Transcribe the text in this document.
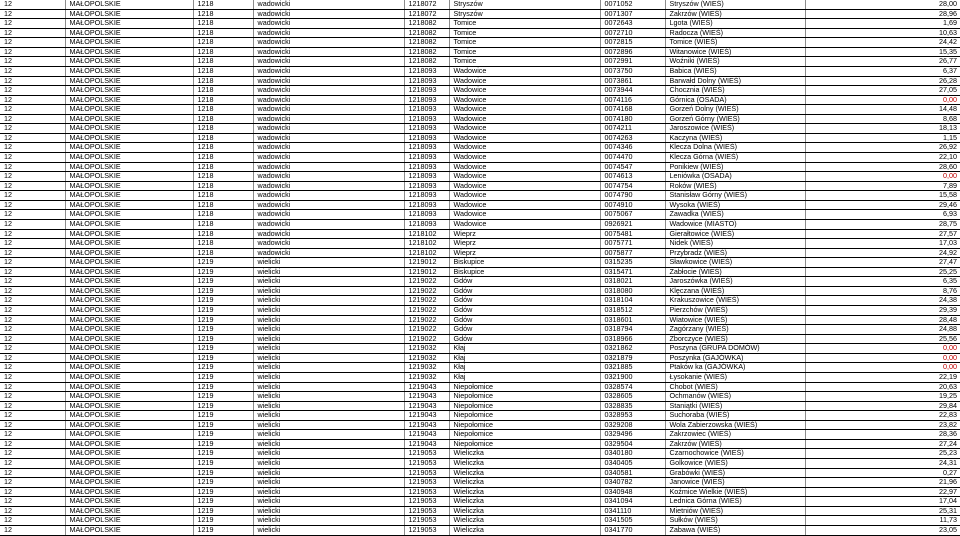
12	MAŁOPOLSKIE	1218	wadowicki	1218072	Stryszów	0071052	Stryszów (WIEŚ)	28,00
12	MAŁOPOLSKIE	1218	wadowicki	1218072	Stryszów	0071307	Zakrzów (WIEŚ)	28,96
12	MAŁOPOLSKIE	1218	wadowicki	1218082	Tomice	0072643	Lgota (WIEŚ)	1,69
12	MAŁOPOLSKIE	1218	wadowicki	1218082	Tomice	0072710	Radocza (WIEŚ)	10,63
12	MAŁOPOLSKIE	1218	wadowicki	1218082	Tomice	0072815	Tomice (WIEŚ)	24,42
12	MAŁOPOLSKIE	1218	wadowicki	1218082	Tomice	0072896	Witanowice (WIEŚ)	15,35
12	MAŁOPOLSKIE	1218	wadowicki	1218082	Tomice	0072991	Woźniki (WIEŚ)	26,77
12	MAŁOPOLSKIE	1218	wadowicki	1218093	Wadowice	0073750	Babica (WIEŚ)	6,37
12	MAŁOPOLSKIE	1218	wadowicki	1218093	Wadowice	0073861	Barwałd Dolny (WIEŚ)	26,28
12	MAŁOPOLSKIE	1218	wadowicki	1218093	Wadowice	0073944	Chocznia (WIEŚ)	27,05
12	MAŁOPOLSKIE	1218	wadowicki	1218093	Wadowice	0074116	Górnica (OSADA)	0,00
12	MAŁOPOLSKIE	1218	wadowicki	1218093	Wadowice	0074168	Gorzeń Dolny (WIEŚ)	14,48
12	MAŁOPOLSKIE	1218	wadowicki	1218093	Wadowice	0074180	Gorzeń Górny (WIEŚ)	8,68
12	MAŁOPOLSKIE	1218	wadowicki	1218093	Wadowice	0074211	Jaroszowice (WIEŚ)	18,13
12	MAŁOPOLSKIE	1218	wadowicki	1218093	Wadowice	0074263	Kaczyna (WIEŚ)	1,15
12	MAŁOPOLSKIE	1218	wadowicki	1218093	Wadowice	0074346	Klecza Dolna (WIEŚ)	26,92
12	MAŁOPOLSKIE	1218	wadowicki	1218093	Wadowice	0074470	Klecza Górna (WIEŚ)	22,10
12	MAŁOPOLSKIE	1218	wadowicki	1218093	Wadowice	0074547	Ponikiew (WIEŚ)	28,60
12	MAŁOPOLSKIE	1218	wadowicki	1218093	Wadowice	0074613	Leniówka (OSADA)	0,00
12	MAŁOPOLSKIE	1218	wadowicki	1218093	Wadowice	0074754	Roków (WIEŚ)	7,89
12	MAŁOPOLSKIE	1218	wadowicki	1218093	Wadowice	0074790	Stanisław Górny (WIEŚ)	15,58
12	MAŁOPOLSKIE	1218	wadowicki	1218093	Wadowice	0074910	Wysoka (WIEŚ)	29,46
12	MAŁOPOLSKIE	1218	wadowicki	1218093	Wadowice	0075067	Zawadka (WIEŚ)	6,93
12	MAŁOPOLSKIE	1218	wadowicki	1218093	Wadowice	0926921	Wadowice (MIASTO)	28,75
12	MAŁOPOLSKIE	1218	wadowicki	1218102	Wieprz	0075481	Gierałtowice (WIEŚ)	27,57
12	MAŁOPOLSKIE	1218	wadowicki	1218102	Wieprz	0075771	Nidek (WIEŚ)	17,03
12	MAŁOPOLSKIE	1218	wadowicki	1218102	Wieprz	0075877	Przybradz (WIEŚ)	24,92
12	MAŁOPOLSKIE	1219	wielicki	1219012	Biskupice	0315235	Sławkowice (WIEŚ)	27,47
12	MAŁOPOLSKIE	1219	wielicki	1219012	Biskupice	0315471	Zabłocie (WIEŚ)	25,25
12	MAŁOPOLSKIE	1219	wielicki	1219022	Gdów	0318021	Jaroszówka (WIEŚ)	6,35
12	MAŁOPOLSKIE	1219	wielicki	1219022	Gdów	0318080	Klęczana (WIEŚ)	8,76
12	MAŁOPOLSKIE	1219	wielicki	1219022	Gdów	0318104	Krakuszowice (WIEŚ)	24,38
12	MAŁOPOLSKIE	1219	wielicki	1219022	Gdów	0318512	Pierzchów (WIEŚ)	29,39
12	MAŁOPOLSKIE	1219	wielicki	1219022	Gdów	0318601	Wiatowice (WIEŚ)	28,48
12	MAŁOPOLSKIE	1219	wielicki	1219022	Gdów	0318794	Zagórzany (WIEŚ)	24,88
12	MAŁOPOLSKIE	1219	wielicki	1219022	Gdów	0318966	Zborczyce (WIEŚ)	25,56
12	MAŁOPOLSKIE	1219	wielicki	1219032	Kłaj	0321862	Poszyna (GRUPA DOMÓW)	0,00
12	MAŁOPOLSKIE	1219	wielicki	1219032	Kłaj	0321879	Poszynka (GAJÓWKA)	0,00
12	MAŁOPOLSKIE	1219	wielicki	1219032	Kłaj	0321885	Ptaków ka (GAJÓWKA)	0,00
12	MAŁOPOLSKIE	1219	wielicki	1219032	Kłaj	0321900	Łysokanie (WIEŚ)	22,19
12	MAŁOPOLSKIE	1219	wielicki	1219043	Niepołomice	0328574	Chobot (WIEŚ)	20,63
12	MAŁOPOLSKIE	1219	wielicki	1219043	Niepołomice	0328605	Ochmanów (WIEŚ)	19,25
12	MAŁOPOLSKIE	1219	wielicki	1219043	Niepołomice	0328835	Staniątki (WIEŚ)	29,84
12	MAŁOPOLSKIE	1219	wielicki	1219043	Niepołomice	0328953	Suchoraba (WIEŚ)	22,83
12	MAŁOPOLSKIE	1219	wielicki	1219043	Niepołomice	0329208	Wola Zabierzowska (WIEŚ)	23,82
12	MAŁOPOLSKIE	1219	wielicki	1219043	Niepołomice	0329496	Zakrzowiec (WIEŚ)	28,36
12	MAŁOPOLSKIE	1219	wielicki	1219043	Niepołomice	0329504	Zakrzów (WIEŚ)	27,24
12	MAŁOPOLSKIE	1219	wielicki	1219053	Wieliczka	0340180	Czarnochowice (WIEŚ)	25,23
12	MAŁOPOLSKIE	1219	wielicki	1219053	Wieliczka	0340405	Golkowice (WIEŚ)	24,31
12	MAŁOPOLSKIE	1219	wielicki	1219053	Wieliczka	0340581	Grabówki (WIEŚ)	0,27
12	MAŁOPOLSKIE	1219	wielicki	1219053	Wieliczka	0340782	Janowice (WIEŚ)	21,96
12	MAŁOPOLSKIE	1219	wielicki	1219053	Wieliczka	0340948	Koźmice Wielkie (WIEŚ)	22,97
12	MAŁOPOLSKIE	1219	wielicki	1219053	Wieliczka	0341094	Lednica Górna (WIEŚ)	17,04
12	MAŁOPOLSKIE	1219	wielicki	1219053	Wieliczka	0341110	Mietniów (WIEŚ)	25,31
12	MAŁOPOLSKIE	1219	wielicki	1219053	Wieliczka	0341505	Sułków (WIEŚ)	11,73
12	MAŁOPOLSKIE	1219	wielicki	1219053	Wieliczka	0341770	Zabawa (WIEŚ)	23,05
